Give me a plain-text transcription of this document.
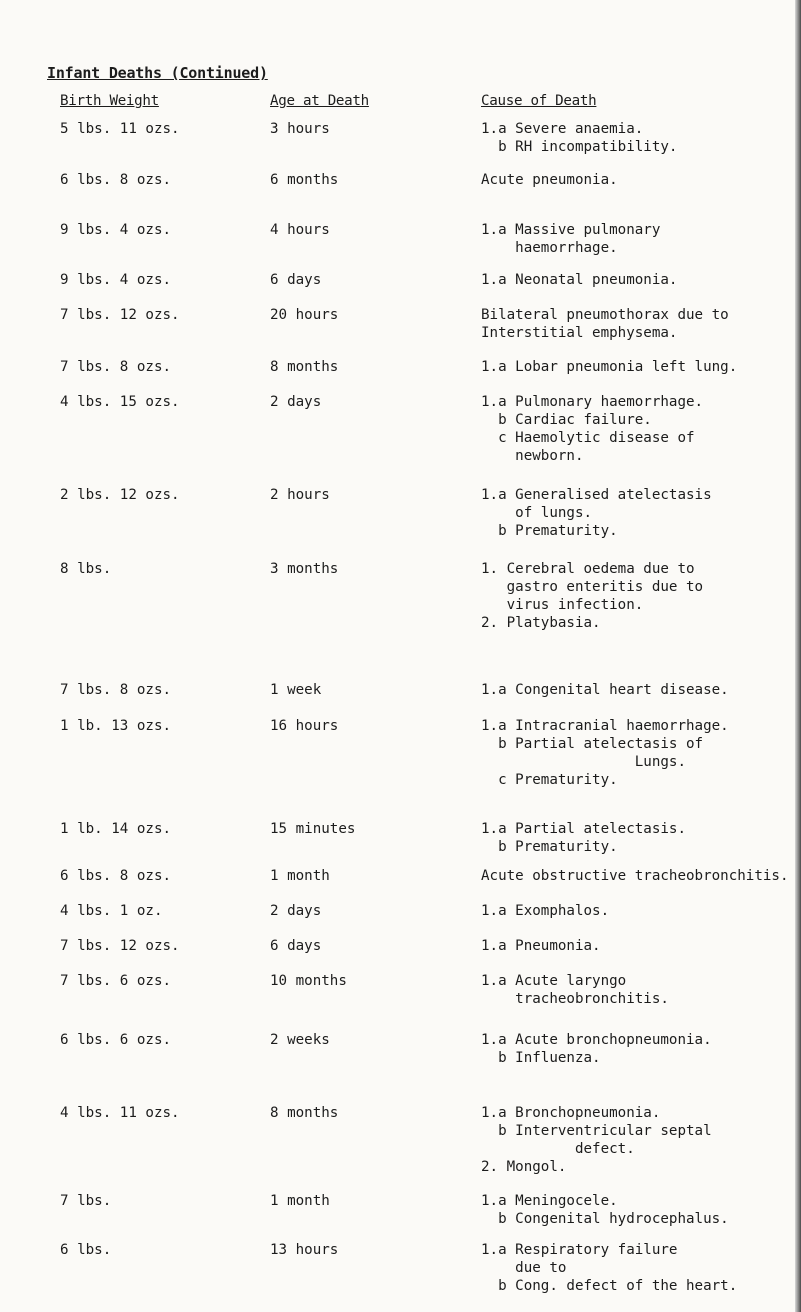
Infant Deaths (Continued)
Birth Weight	Age at Death	Cause of Death
5 lbs. 11 ozs.	3 hours	1.a Severe anaemia.
b RH incompatibility.
6 lbs. 8 ozs.	6 months	Acute pneumonia.
9 lbs. 4 ozs.	4 hours	1.a Massive pulmonary
haemorrhage.
9 lbs. 4 ozs.	6 days	1.a Neonatal pneumonia.
7 lbs. 12 ozs.	20 hours	Bilateral pneumothorax due to
Interstitial emphysema.
7 lbs. 8 ozs.	8 months	1.a Lobar pneumonia left lung.
4 lbs. 15 ozs.	2 days	1.a Pulmonary haemorrhage.
b Cardiac failure.
c Haemolytic disease of
newborn.
2 lbs. 12 ozs.	2 hours	1.a Generalised atelectasis
of lungs.
b Prematurity.
8 lbs.	3 months	1. Cerebral oedema due to
gastro enteritis due to
virus infection.
2. Platybasia.
7 lbs. 8 ozs.	1 week	1.a Congenital heart disease.
1 lb. 13 ozs.	16 hours	1.a Intracranial haemorrhage.
b Partial atelectasis of
Lungs.
c Prematurity.
1 lb. 14 ozs.	15 minutes	1.a Partial atelectasis.
b Prematurity.
6 lbs. 8 ozs.	1 month	Acute obstructive tracheobronchitis.
4 lbs. 1 oz.	2 days	1.a Exomphalos.
7 lbs. 12 ozs.	6 days	1.a Pneumonia.
7 lbs. 6 ozs.	10 months	1.a Acute laryngo
tracheobronchitis.
6 lbs. 6 ozs.	2 weeks	1.a Acute bronchopneumonia.
b Influenza.
4 lbs. 11 ozs.	8 months	1.a Bronchopneumonia.
b Interventricular septal
defect.
2. Mongol.
7 lbs.	1 month	1.a Meningocele.
b Congenital hydrocephalus.
6 lbs.	13 hours	1.a Respiratory failure
due to
b Cong. defect of the heart.
